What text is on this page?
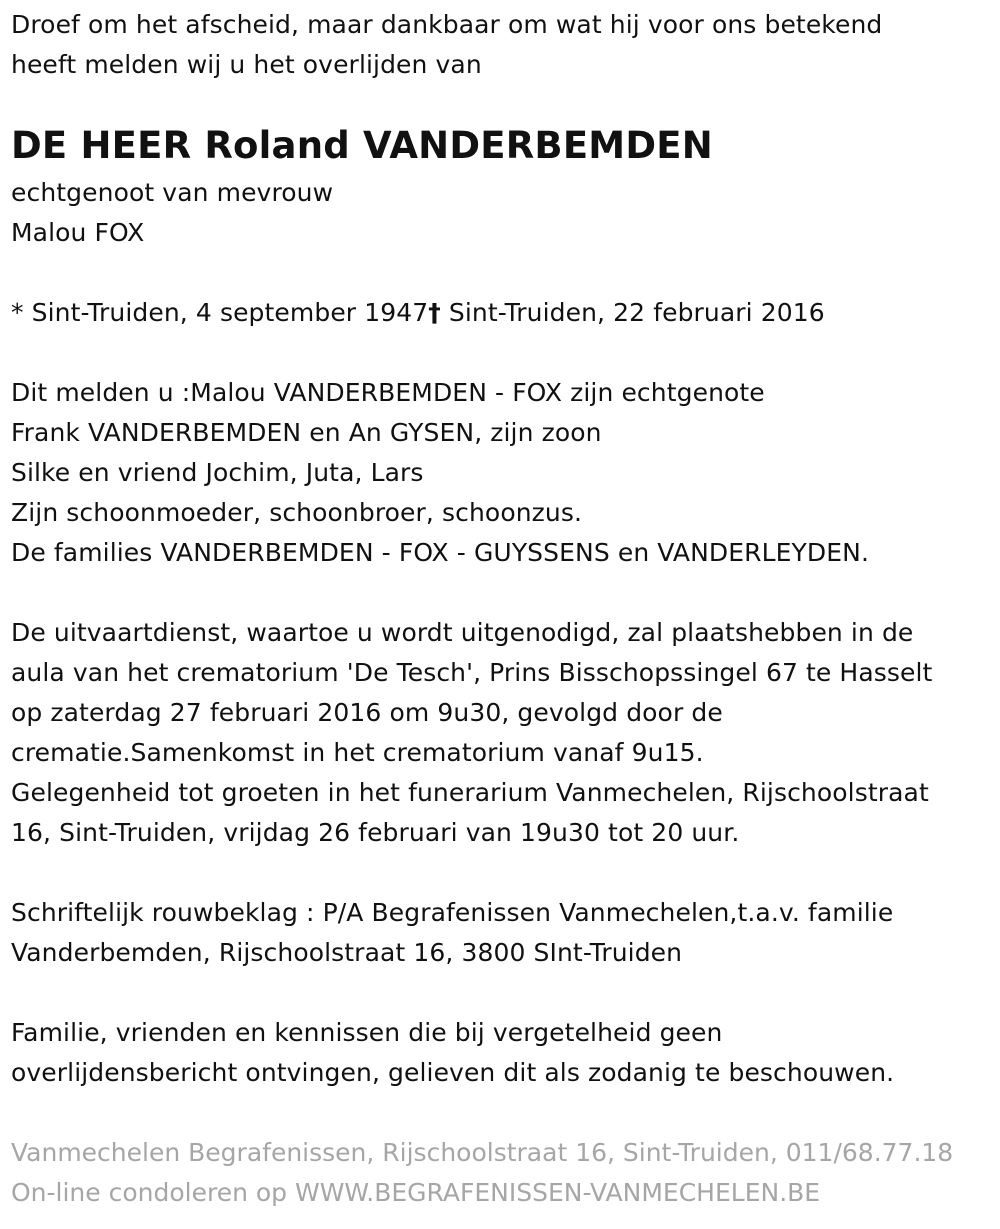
Droef om het afscheid, maar dankbaar om wat hij voor ons betekend
heeft melden wij u het overlijden van
DE HEER Roland VANDERBEMDEN
echtgenoot van mevrouw
Malou FOX
* Sint-Truiden, 4 september 1947† Sint-Truiden, 22 februari 2016
Dit melden u :Malou VANDERBEMDEN - FOX zijn echtgenote
Frank VANDERBEMDEN en An GYSEN, zijn zoon
Silke en vriend Jochim, Juta, Lars
Zijn schoonmoeder, schoonbroer, schoonzus.
De families VANDERBEMDEN - FOX - GUYSSENS en VANDERLEYDEN.
De uitvaartdienst, waartoe u wordt uitgenodigd, zal plaatshebben in de
aula van het crematorium 'De Tesch', Prins Bisschopssingel 67 te Hasselt
op zaterdag 27 februari 2016 om 9u30, gevolgd door de
crematie.Samenkomst in het crematorium vanaf 9u15.
Gelegenheid tot groeten in het funerarium Vanmechelen, Rijschoolstraat
16, Sint-Truiden, vrijdag 26 februari van 19u30 tot 20 uur.
Schriftelijk rouwbeklag : P/A Begrafenissen Vanmechelen,t.a.v. familie
Vanderbemden, Rijschoolstraat 16, 3800 SInt-Truiden
Familie, vrienden en kennissen die bij vergetelheid geen
overlijdensbericht ontvingen, gelieven dit als zodanig te beschouwen.
Vanmechelen Begrafenissen, Rijschoolstraat 16, Sint-Truiden, 011/68.77.18
On-line condoleren op WWW.BEGRAFENISSEN-VANMECHELEN.BE
